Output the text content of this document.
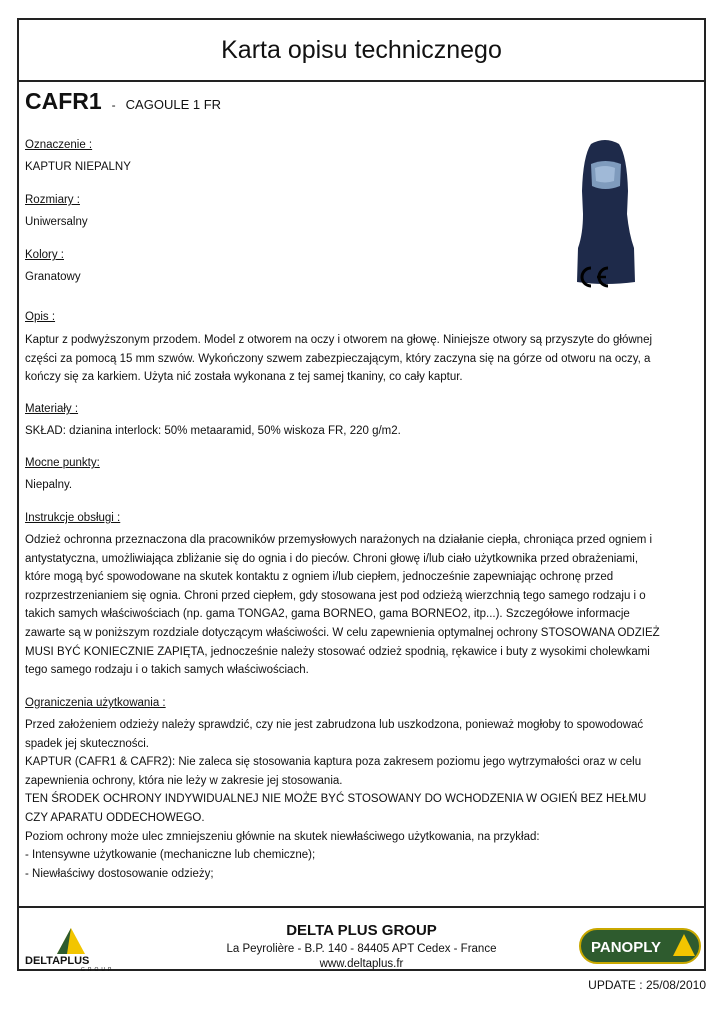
Karta opisu technicznego
CAFR1 - CAGOULE 1 FR
Oznaczenie :
KAPTUR NIEPALNY
Rozmiary :
Uniwersalny
Kolory :
Granatowy
Opis :
Kaptur z podwyższonym przodem. Model z otworem na oczy i otworem na głowę. Niniejsze otwory są przyszyte do głównej
części za pomocą 15 mm szwów. Wykończony szwem zabezpieczającym, który zaczyna się na górze od otworu na oczy, a
kończy się za karkiem. Użyta nić została wykonana z tej samej tkaniny, co cały kaptur.
Materiały :
SKŁAD: dzianina interlock: 50% metaaramid, 50% wiskoza FR, 220 g/m2.
Mocne punkty:
Niepalny.
Instrukcje obsługi :
Odzież ochronna przeznaczona dla pracowników przemysłowych narażonych na działanie ciepła, chroniąca przed ogniem i
antystatyczna, umożliwiająca zbliżanie się do ognia i do pieców. Chroni głowę i/lub ciało użytkownika przed obrażeniami,
które mogą być spowodowane na skutek kontaktu z ogniem i/lub ciepłem, jednocześnie zapewniając ochronę przed
rozprzestrzenianiem się ognia. Chroni przed ciepłem, gdy stosowana jest pod odzieżą wierzchnią tego samego rodzaju i o
takich samych właściwościach (np. gama TONGA2, gama BORNEO, gama BORNEO2, itp...). Szczegółowe informacje
zawarte są w poniższym rozdziale dotyczącym właściwości. W celu zapewnienia optymalnej ochrony STOSOWANA ODZIEŻ
MUSI BYĆ KONIECZNIE ZAPIĘTA, jednocześnie należy stosować odzież spodnią, rękawice i buty z wysokimi cholewkami
tego samego rodzaju i o takich samych właściwościach.
Ograniczenia użytkowania :
Przed założeniem odzieży należy sprawdzić, czy nie jest zabrudzona lub uszkodzona, ponieważ mogłoby to spowodować
spadek jej skuteczności.
KAPTUR (CAFR1 & CAFR2): Nie zaleca się stosowania kaptura poza zakresem poziomu jego wytrzymałości oraz w celu
zapewnienia ochrony, która nie leży w zakresie jej stosowania.
TEN ŚRODEK OCHRONY INDYWIDUALNEJ NIE MOŻE BYĆ STOSOWANY DO WCHODZENIA W OGIEŃ BEZ HEŁMU
CZY APARATU ODDECHOWEGO.
Poziom ochrony może ulec zmniejszeniu głównie na skutek niewłaściwego użytkowania, na przykład:
- Intensywne użytkowanie (mechaniczne lub chemiczne);
- Niewłaściwy dostosowanie odzieży;
DELTAPLUS
GROUP
DELTA PLUS GROUP
La Peyrolière - B.P. 140 - 84405 APT Cedex - France
www.deltaplus.fr
PANOPLY
UPDATE : 25/08/2010
